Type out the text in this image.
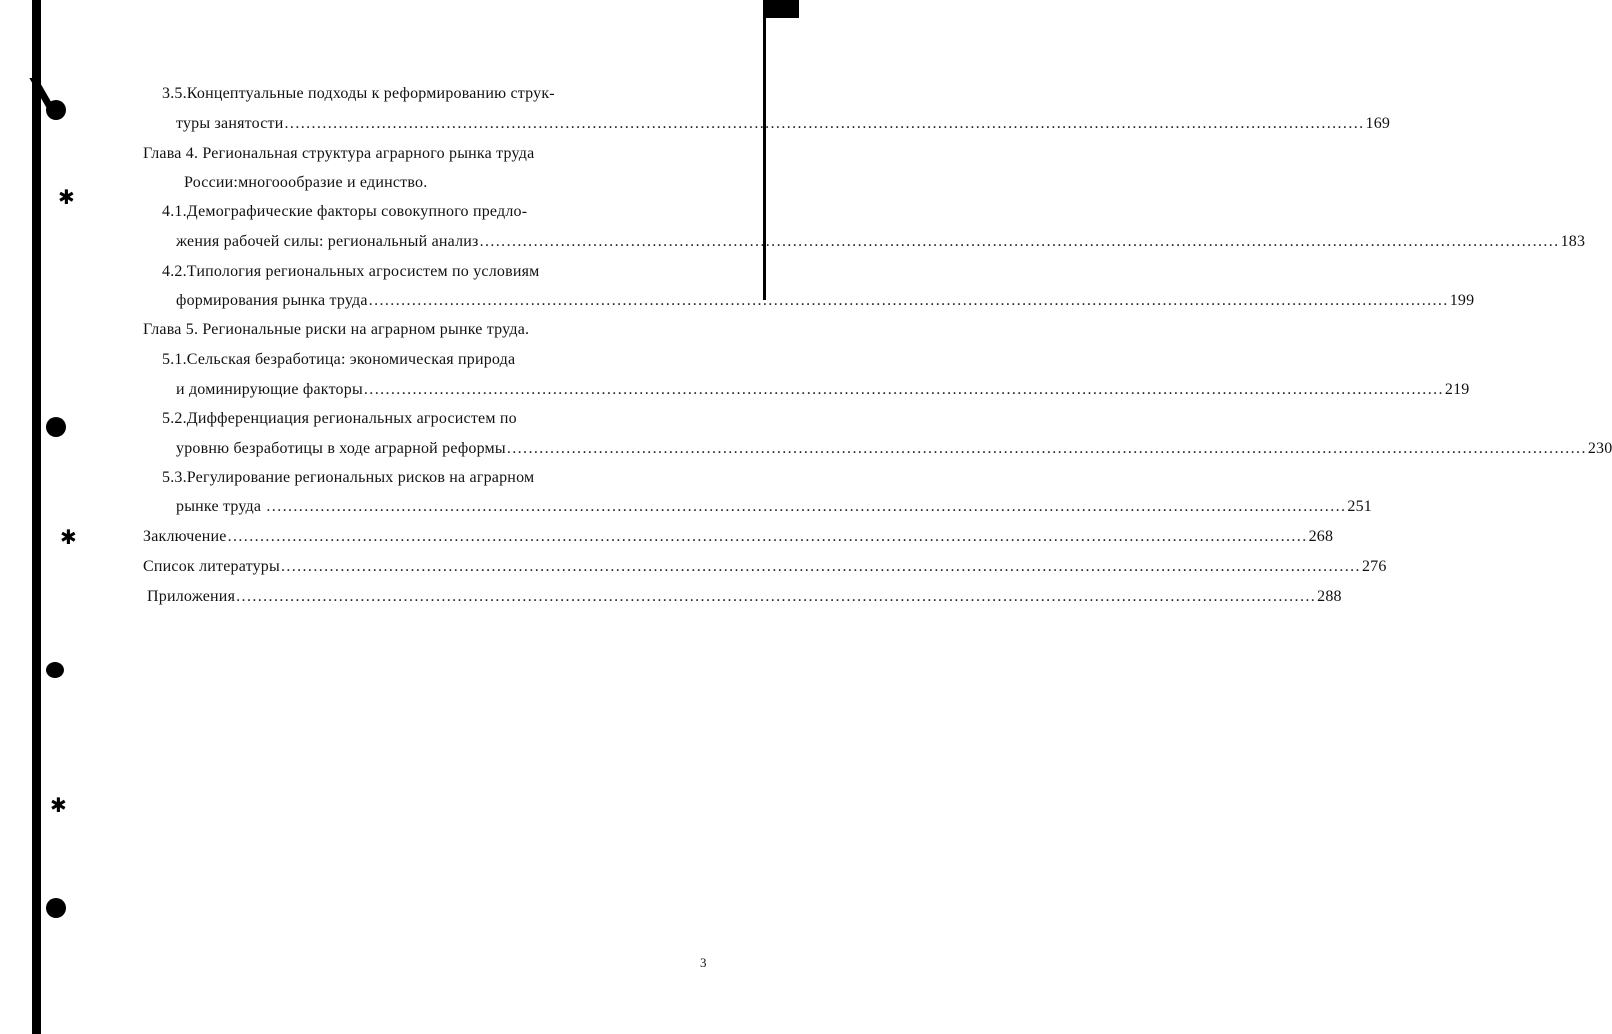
✱
✱
✱
3.5.Концептуальные подходы к реформированию струк-
туры занятости ........................................................................................................................................................................................................ 169
Глава 4. Региональная структура аграрного рынка труда
России:многоообразие и единство.
4.1.Демографические факторы совокупного предло-
жения рабочей силы: региональный анализ ........................................................................................................................................................................................................ 183
4.2.Типология региональных агросистем по условиям
формирования рынка труда ........................................................................................................................................................................................................ 199
Глава 5. Региональные риски на аграрном рынке труда.
5.1.Сельская безработица: экономическая природа
и доминирующие факторы ........................................................................................................................................................................................................ 219
5.2.Дифференциация региональных агросистем по
уровню безработицы в ходе аграрной реформы ........................................................................................................................................................................................................ 230
5.3.Регулирование региональных рисков на аграрном
рынке труда ........................................................................................................................................................................................................ 251
Заключение ........................................................................................................................................................................................................ 268
Список литературы ........................................................................................................................................................................................................ 276
Приложения ........................................................................................................................................................................................................ 288
3
